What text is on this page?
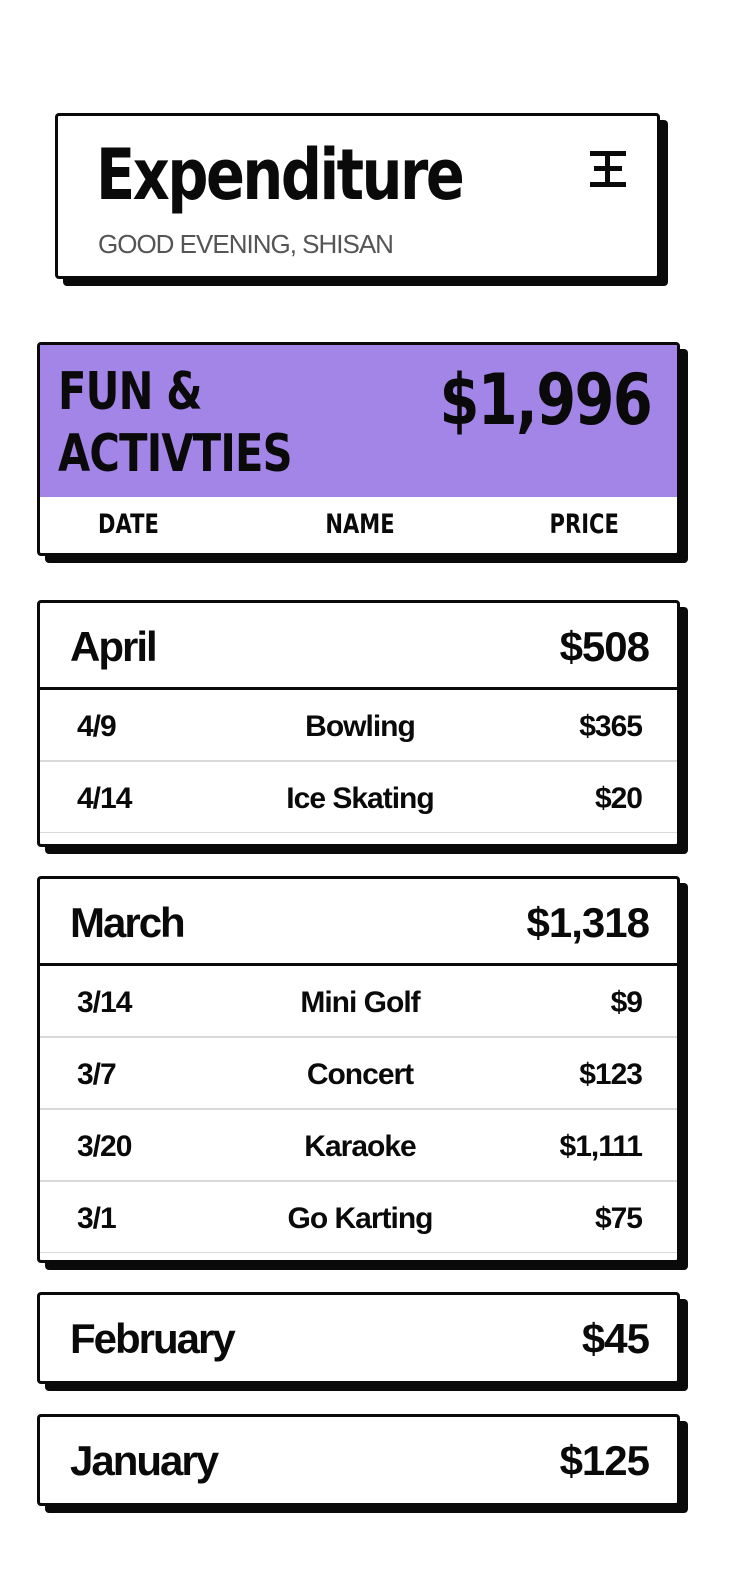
Expenditure
GOOD EVENING, SHISAN
FUN & ACTIVTIES
$1,996
DATE	NAME	PRICE
April	$508
4/9	Bowling	$365
4/14	Ice Skating	$20
March	$1,318
3/14	Mini Golf	$9
3/7	Concert	$123
3/20	Karaoke	$1,111
3/1	Go Karting	$75
February	$45
January	$125
